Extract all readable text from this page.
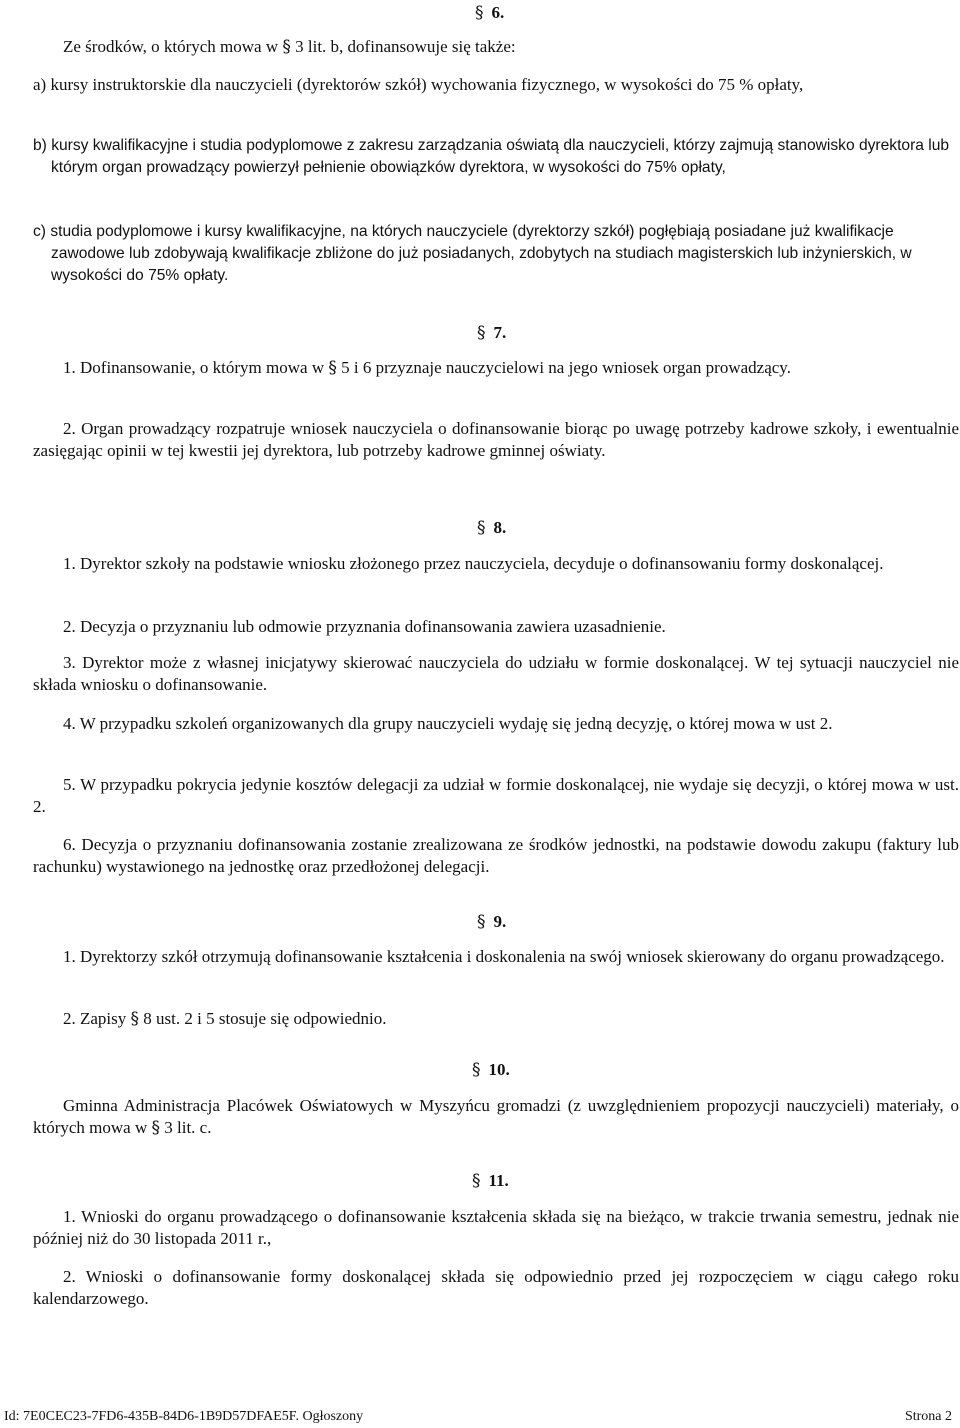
§ 6.

Ze środków, o których mowa w § 3 lit. b, dofinansowuje się także:

a) kursy instruktorskie dla nauczycieli (dyrektorów szkół) wychowania fizycznego, w wysokości do 75 % opłaty,

b) kursy kwalifikacyjne i studia podyplomowe z zakresu zarządzania oświatą dla nauczycieli, którzy zajmują stanowisko dyrektora lub którym organ prowadzący powierzył pełnienie obowiązków dyrektora, w wysokości do 75% opłaty,

c) studia podyplomowe i kursy kwalifikacyjne, na których nauczyciele (dyrektorzy szkół) pogłębiają posiadane już kwalifikacje zawodowe lub zdobywają kwalifikacje zbliżone do już posiadanych, zdobytych na studiach magisterskich lub inżynierskich, w wysokości do 75% opłaty.

§ 7.

1. Dofinansowanie, o którym mowa w § 5 i 6 przyznaje nauczycielowi na jego wniosek organ prowadzący.

2. Organ prowadzący rozpatruje wniosek nauczyciela o dofinansowanie biorąc po uwagę potrzeby kadrowe szkoły, i ewentualnie zasięgając opinii w tej kwestii jej dyrektora, lub potrzeby kadrowe gminnej oświaty.

§ 8.

1. Dyrektor szkoły na podstawie wniosku złożonego przez nauczyciela, decyduje o dofinansowaniu formy doskonalącej.

2. Decyzja o przyznaniu lub odmowie przyznania dofinansowania zawiera uzasadnienie.

3. Dyrektor może z własnej inicjatywy skierować nauczyciela do udziału w formie doskonalącej. W tej sytuacji nauczyciel nie składa wniosku o dofinansowanie.

4. W przypadku szkoleń organizowanych dla grupy nauczycieli wydaję się jedną decyzję, o której mowa w ust 2.

5. W przypadku pokrycia jedynie kosztów delegacji za udział w formie doskonalącej, nie wydaje się decyzji, o której mowa w ust. 2.

6. Decyzja o przyznaniu dofinansowania zostanie zrealizowana ze środków jednostki, na podstawie dowodu zakupu (faktury lub rachunku) wystawionego na jednostkę oraz przedłożonej delegacji.

§ 9.

1. Dyrektorzy szkół otrzymują dofinansowanie kształcenia i doskonalenia na swój wniosek skierowany do organu prowadzącego.

2. Zapisy § 8 ust. 2 i 5 stosuje się odpowiednio.

§ 10.

Gminna Administracja Placówek Oświatowych w Myszyńcu gromadzi (z uwzględnieniem propozycji nauczycieli) materiały, o których mowa w § 3 lit. c.

§ 11.

1. Wnioski do organu prowadzącego o dofinansowanie kształcenia składa się na bieżąco, w trakcie trwania semestru, jednak nie później niż do 30 listopada 2011 r.,

2. Wnioski o dofinansowanie formy doskonalącej składa się odpowiednio przed jej rozpoczęciem w ciągu całego roku kalendarzowego.

Id: 7E0CEC23-7FD6-435B-84D6-1B9D57DFAE5F. Ogłoszony	Strona 2
